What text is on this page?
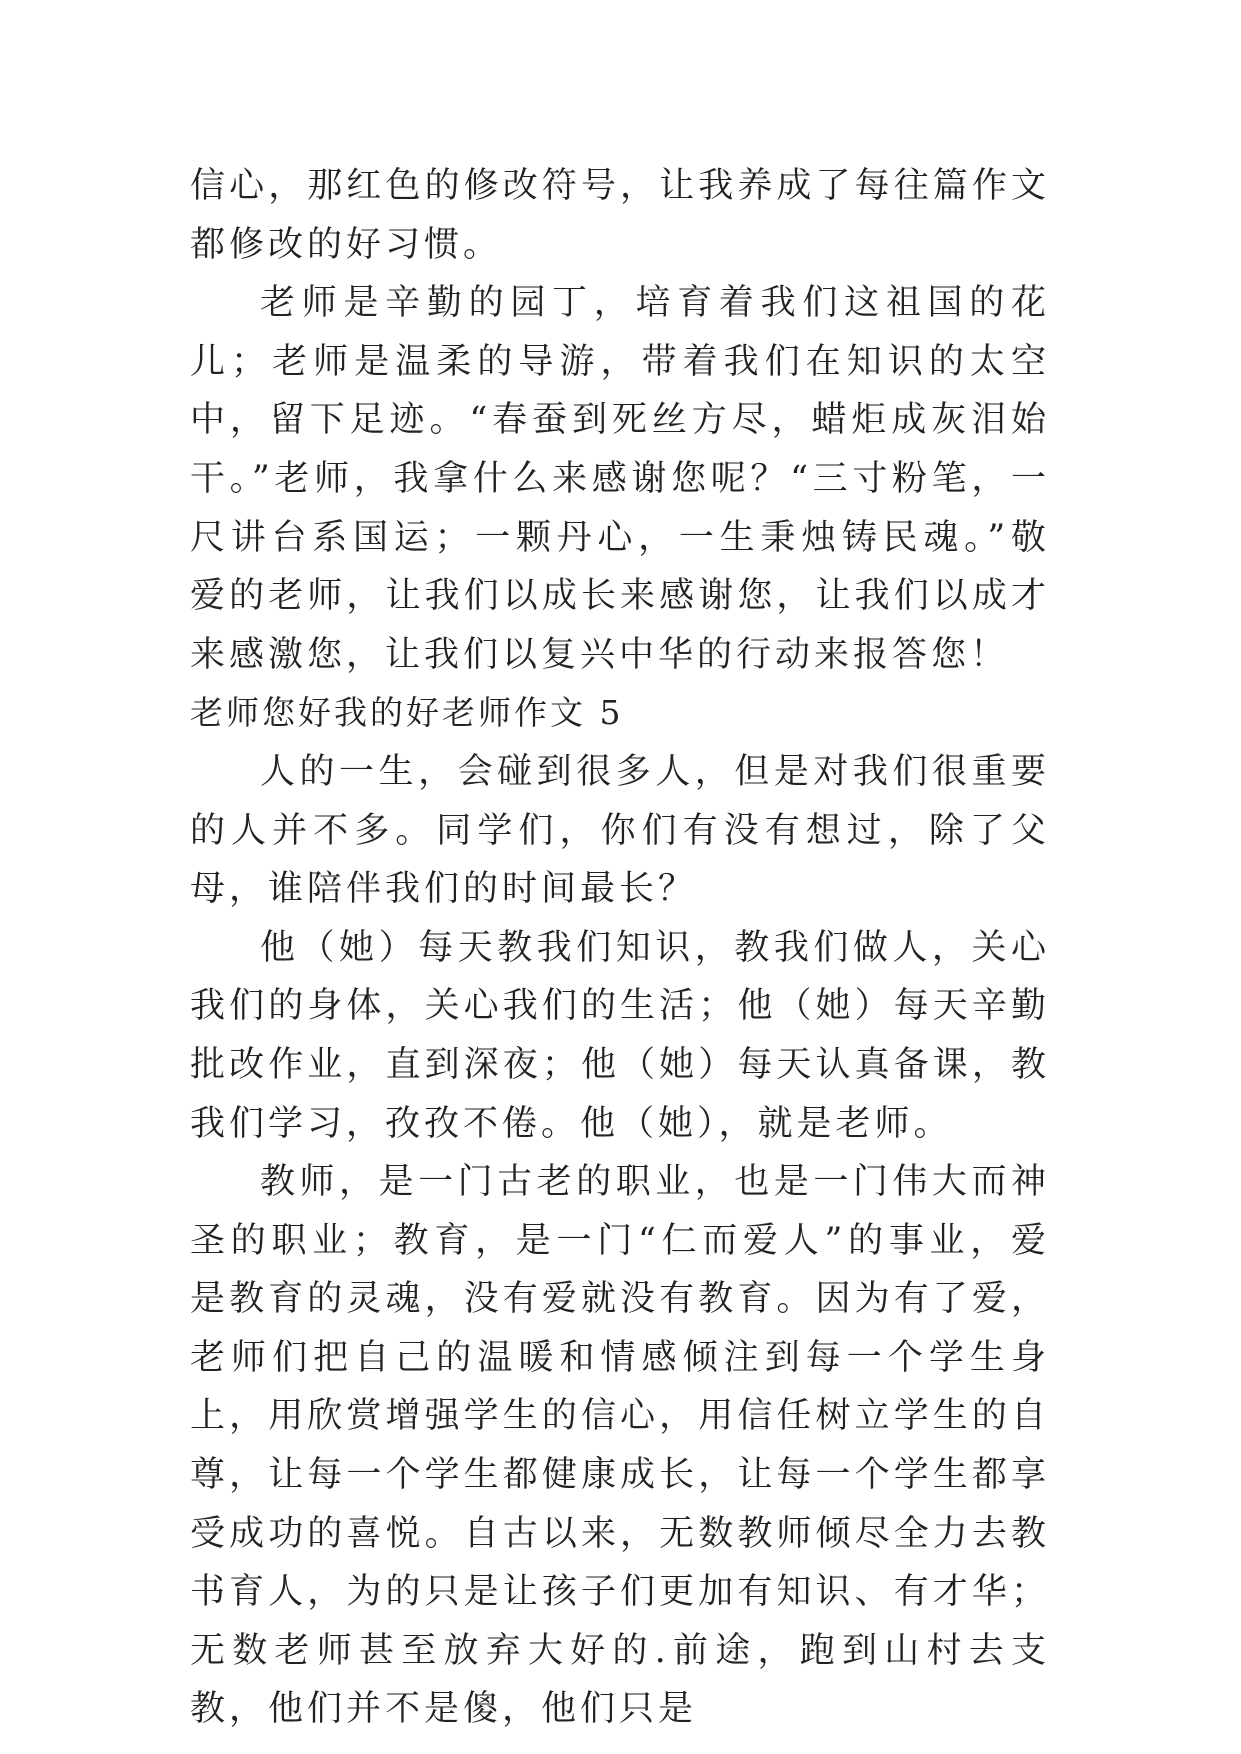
信心，那红色的修改符号，让我养成了每往篇作文都修改的好习惯。

老师是辛勤的园丁，培育着我们这祖国的花儿；老师是温柔的导游，带着我们在知识的太空中，留下足迹。“春蚕到死丝方尽，蜡炬成灰泪始干。”老师，我拿什么来感谢您呢？“三寸粉笔，一尺讲台系国运；一颗丹心，一生秉烛铸民魂。”敬爱的老师，让我们以成长来感谢您，让我们以成才来感激您，让我们以复兴中华的行动来报答您！

老师您好我的好老师作文 5

人的一生，会碰到很多人，但是对我们很重要的人并不多。同学们，你们有没有想过，除了父母，谁陪伴我们的时间最长？

他（她）每天教我们知识，教我们做人，关心我们的身体，关心我们的生活；他（她）每天辛勤批改作业，直到深夜；他（她）每天认真备课，教我们学习，孜孜不倦。他（她），就是老师。

教师，是一门古老的职业，也是一门伟大而神圣的职业；教育，是一门“仁而爱人”的事业，爱是教育的灵魂，没有爱就没有教育。因为有了爱，老师们把自己的温暖和情感倾注到每一个学生身上，用欣赏增强学生的信心，用信任树立学生的自尊，让每一个学生都健康成长，让每一个学生都享受成功的喜悦。自古以来，无数教师倾尽全力去教书育人，为的只是让孩子们更加有知识、有才华；无数老师甚至放弃大好的.前途，跑到山村去支教，他们并不是傻，他们只是
